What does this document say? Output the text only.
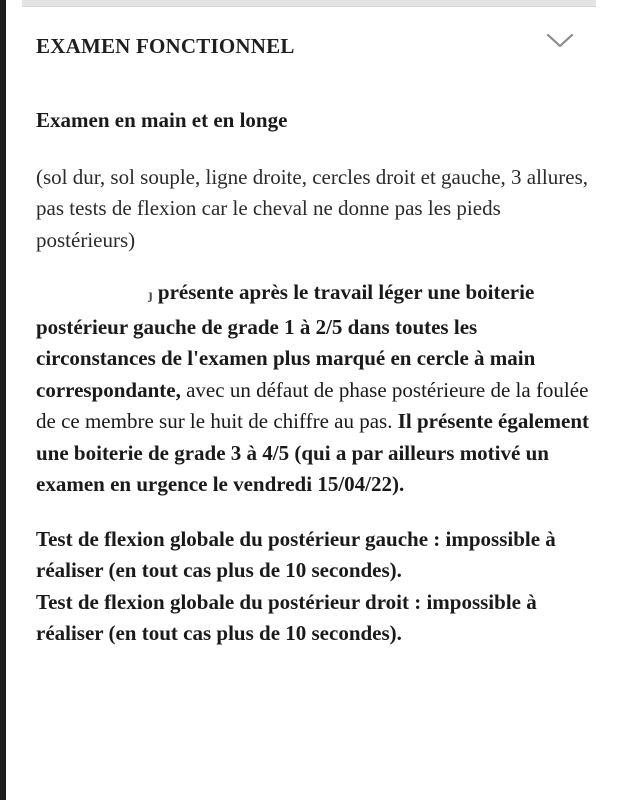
EXAMEN FONCTIONNEL

Examen en main et en longe

(sol dur, sol souple, ligne droite, cercles droit et gauche, 3 allures, pas tests de flexion car le cheval ne donne pas les pieds postérieurs)

ȷ présente après le travail léger une boiterie postérieur gauche de grade 1 à 2/5 dans toutes les circonstances de l'examen plus marqué en cercle à main correspondante, avec un défaut de phase postérieure de la foulée de ce membre sur le huit de chiffre au pas. Il présente également une boiterie de grade 3 à 4/5 (qui a par ailleurs motivé un examen en urgence le vendredi 15/04/22).

Test de flexion globale du postérieur gauche : impossible à réaliser (en tout cas plus de 10 secondes).

Test de flexion globale du postérieur droit : impossible à réaliser (en tout cas plus de 10 secondes).
